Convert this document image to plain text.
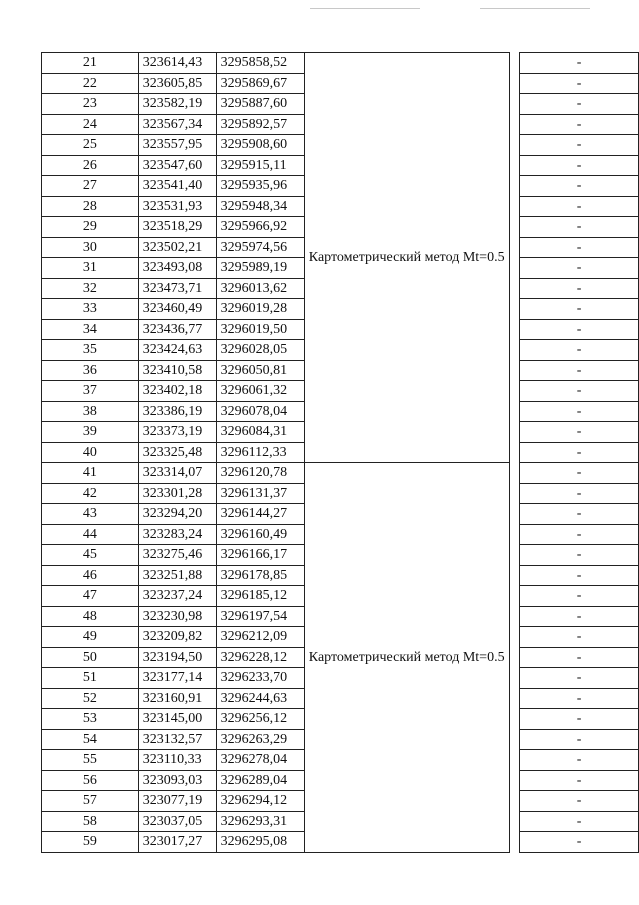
21	323614,43	3295858,52	Картометрический метод Mt=0.5		-
22	323605,85	3295869,67			-
23	323582,19	3295887,60			-
24	323567,34	3295892,57			-
25	323557,95	3295908,60			-
26	323547,60	3295915,11			-
27	323541,40	3295935,96			-
28	323531,93	3295948,34			-
29	323518,29	3295966,92			-
30	323502,21	3295974,56			-
31	323493,08	3295989,19			-
32	323473,71	3296013,62			-
33	323460,49	3296019,28			-
34	323436,77	3296019,50			-
35	323424,63	3296028,05			-
36	323410,58	3296050,81			-
37	323402,18	3296061,32			-
38	323386,19	3296078,04			-
39	323373,19	3296084,31			-
40	323325,48	3296112,33			-
41	323314,07	3296120,78	Картометрический метод Mt=0.5		-
42	323301,28	3296131,37			-
43	323294,20	3296144,27			-
44	323283,24	3296160,49			-
45	323275,46	3296166,17			-
46	323251,88	3296178,85			-
47	323237,24	3296185,12			-
48	323230,98	3296197,54			-
49	323209,82	3296212,09			-
50	323194,50	3296228,12			-
51	323177,14	3296233,70			-
52	323160,91	3296244,63			-
53	323145,00	3296256,12			-
54	323132,57	3296263,29			-
55	323110,33	3296278,04			-
56	323093,03	3296289,04			-
57	323077,19	3296294,12			-
58	323037,05	3296293,31			-
59	323017,27	3296295,08			-
